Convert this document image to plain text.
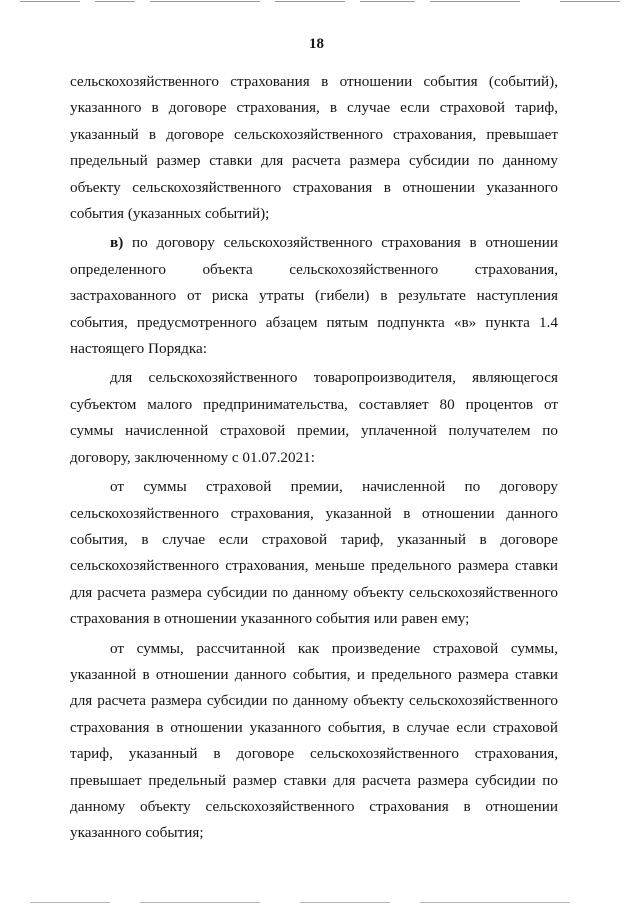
18

сельскохозяйственного страхования в отношении события (событий), указанного в договоре страхования, в случае если страховой тариф, указанный в договоре сельскохозяйственного страхования, превышает предельный размер ставки для расчета размера субсидии по данному объекту сельскохозяйственного страхования в отношении указанного события (указанных событий);

в) по договору сельскохозяйственного страхования в отношении определенного объекта сельскохозяйственного страхования, застрахованного от риска утраты (гибели) в результате наступления события, предусмотренного абзацем пятым подпункта «в» пункта 1.4 настоящего Порядка:

для сельскохозяйственного товаропроизводителя, являющегося субъектом малого предпринимательства, составляет 80 процентов от суммы начисленной страховой премии, уплаченной получателем по договору, заключенному с 01.07.2021:

от суммы страховой премии, начисленной по договору сельскохозяйственного страхования, указанной в отношении данного события, в случае если страховой тариф, указанный в договоре сельскохозяйственного страхования, меньше предельного размера ставки для расчета размера субсидии по данному объекту сельскохозяйственного страхования в отношении указанного события или равен ему;

от суммы, рассчитанной как произведение страховой суммы, указанной в отношении данного события, и предельного размера ставки для расчета размера субсидии по данному объекту сельскохозяйственного страхования в отношении указанного события, в случае если страховой тариф, указанный в договоре сельскохозяйственного страхования, превышает предельный размер ставки для расчета размера субсидии по данному объекту сельскохозяйственного страхования в отношении указанного события;
